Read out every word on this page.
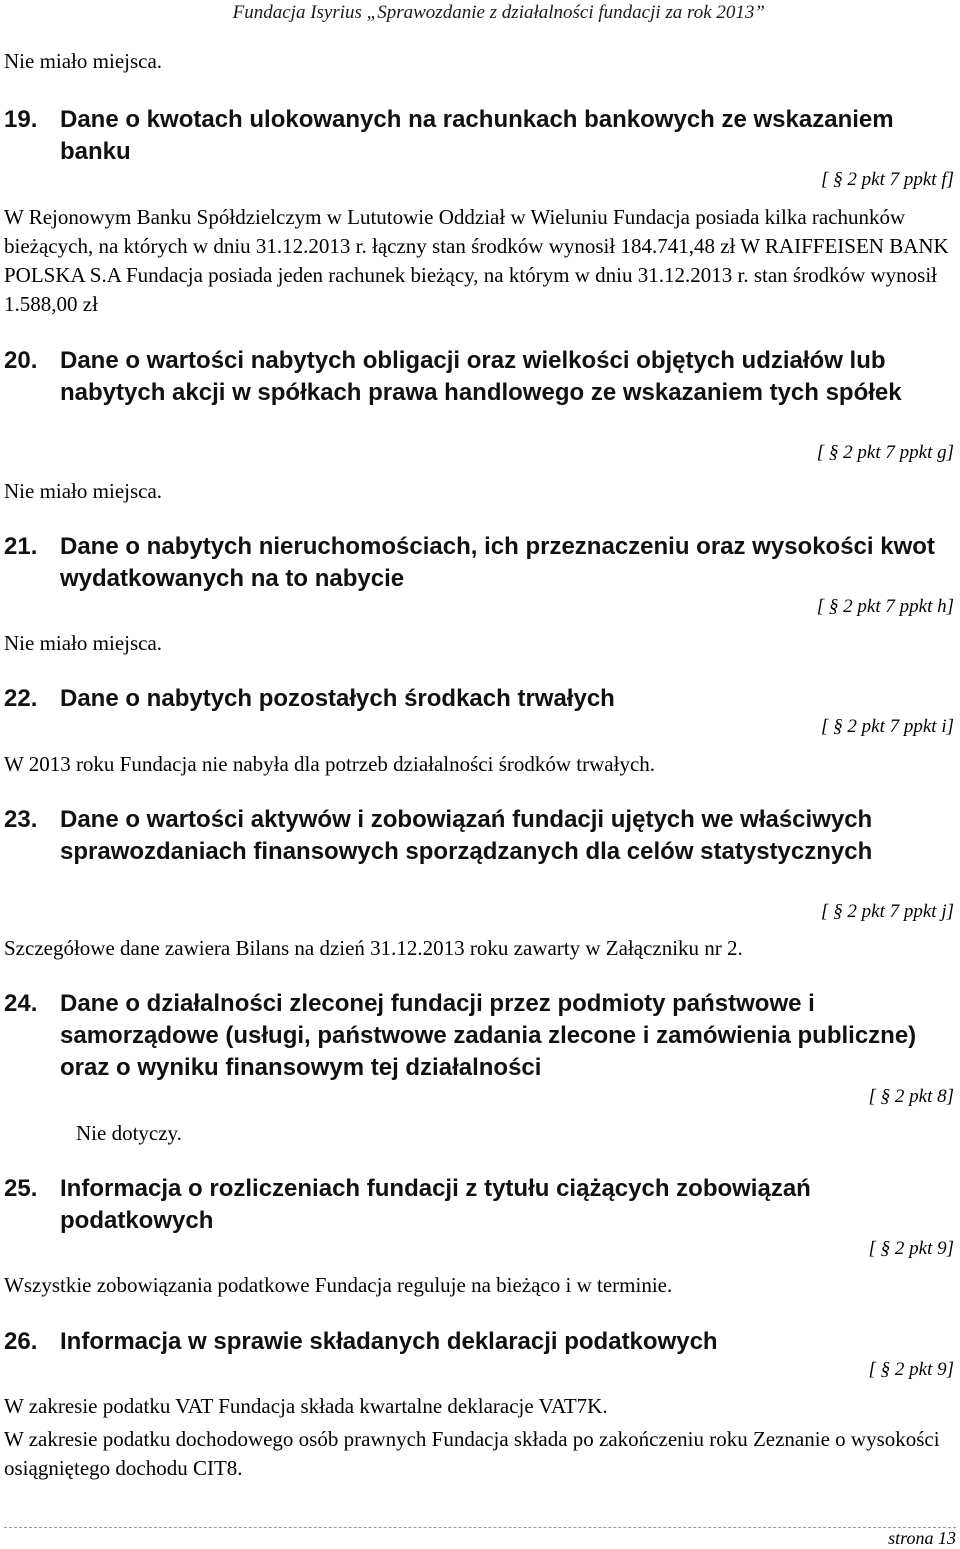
Fundacja Isyrius „Sprawozdanie z działalności fundacji za rok 2013”

Nie miało miejsca.

19. Dane o kwotach ulokowanych na rachunkach bankowych ze wskazaniem banku
[ § 2 pkt 7 ppkt f]

W Rejonowym Banku Spółdzielczym w Lututowie Oddział w Wieluniu Fundacja posiada kilka rachunków bieżących, na których w dniu 31.12.2013 r. łączny stan środków wynosił 184.741,48 zł W RAIFFEISEN BANK POLSKA S.A Fundacja posiada jeden rachunek bieżący, na którym w dniu 31.12.2013 r. stan środków wynosił 1.588,00 zł

20. Dane o wartości nabytych obligacji oraz wielkości objętych udziałów lub nabytych akcji w spółkach prawa handlowego ze wskazaniem tych spółek
[ § 2 pkt 7 ppkt g]

Nie miało miejsca.

21. Dane o nabytych nieruchomościach, ich przeznaczeniu oraz wysokości kwot wydatkowanych na to nabycie
[ § 2 pkt 7 ppkt h]

Nie miało miejsca.

22. Dane o nabytych pozostałych środkach trwałych
[ § 2 pkt 7 ppkt i]

W 2013 roku Fundacja nie nabyła dla potrzeb działalności środków trwałych.

23. Dane o wartości aktywów i zobowiązań fundacji ujętych we właściwych sprawozdaniach finansowych sporządzanych dla celów statystycznych
[ § 2 pkt 7 ppkt j]

Szczegółowe dane zawiera Bilans na dzień 31.12.2013 roku zawarty w Załączniku nr 2.

24. Dane o działalności zleconej fundacji przez podmioty państwowe i samorządowe (usługi, państwowe zadania zlecone i zamówienia publiczne) oraz o wyniku finansowym tej działalności
[ § 2 pkt 8]

Nie dotyczy.

25. Informacja o rozliczeniach fundacji z tytułu ciążących zobowiązań podatkowych
[ § 2 pkt 9]

Wszystkie zobowiązania podatkowe Fundacja reguluje na bieżąco i w terminie.

26. Informacja w sprawie składanych deklaracji podatkowych
[ § 2 pkt 9]

W zakresie podatku VAT Fundacja składa kwartalne deklaracje VAT7K.

W zakresie podatku dochodowego osób prawnych Fundacja składa po zakończeniu roku Zeznanie o wysokości osiągniętego dochodu CIT8.

strona 13
